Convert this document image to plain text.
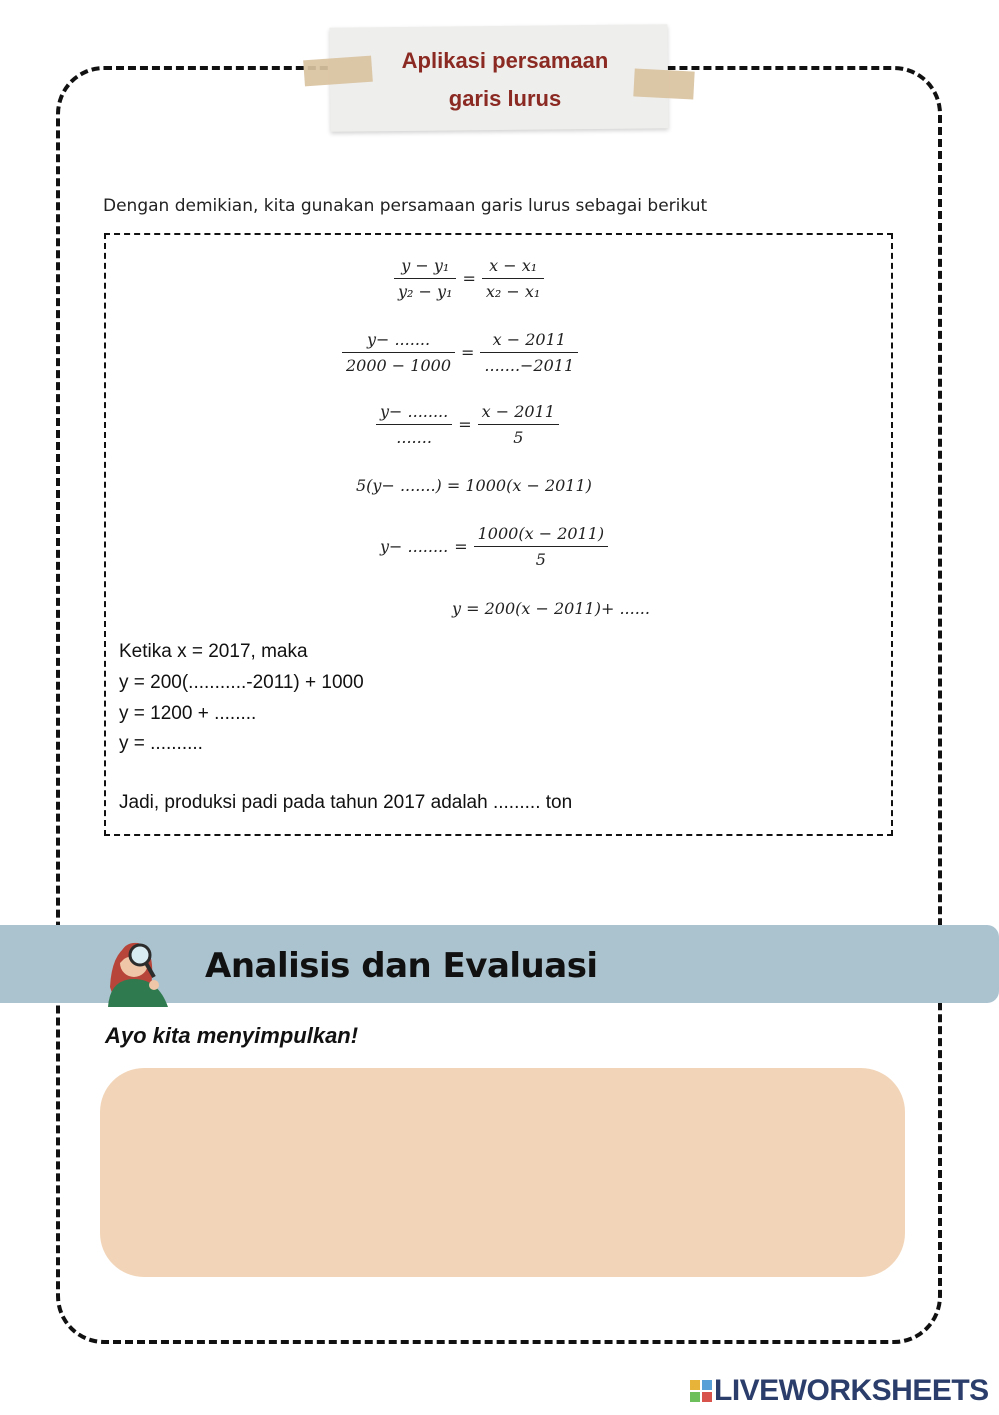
Aplikasi persamaan
garis lurus
Dengan demikian, kita gunakan persamaan garis lurus sebagai berikut
$\frac{\text{y − y₁}}{\text{y₂ − y₁}} = \frac{\text{x − x₁}}{\text{x₂ − x₁}}$
$\frac{y- .......}{2000 - 1000} = \frac{x - 2011}{.......-2011}$
$\frac{y- ........}{.......} = \frac{x - 2011}{5}$
5(y− .......) = 1000(x − 2011)
y− ........ = $\frac{1000(x - 2011)}{5}$
y = 200(x − 2011)+ ......
Ketika x = 2017, maka
y = 200(...........-2011) + 1000
y = 1200 + ........
y = ..........
Jadi, produksi padi pada tahun 2017 adalah ......... ton
Analisis dan Evaluasi
Ayo kita menyimpulkan!
LIVEWORKSHEETS
